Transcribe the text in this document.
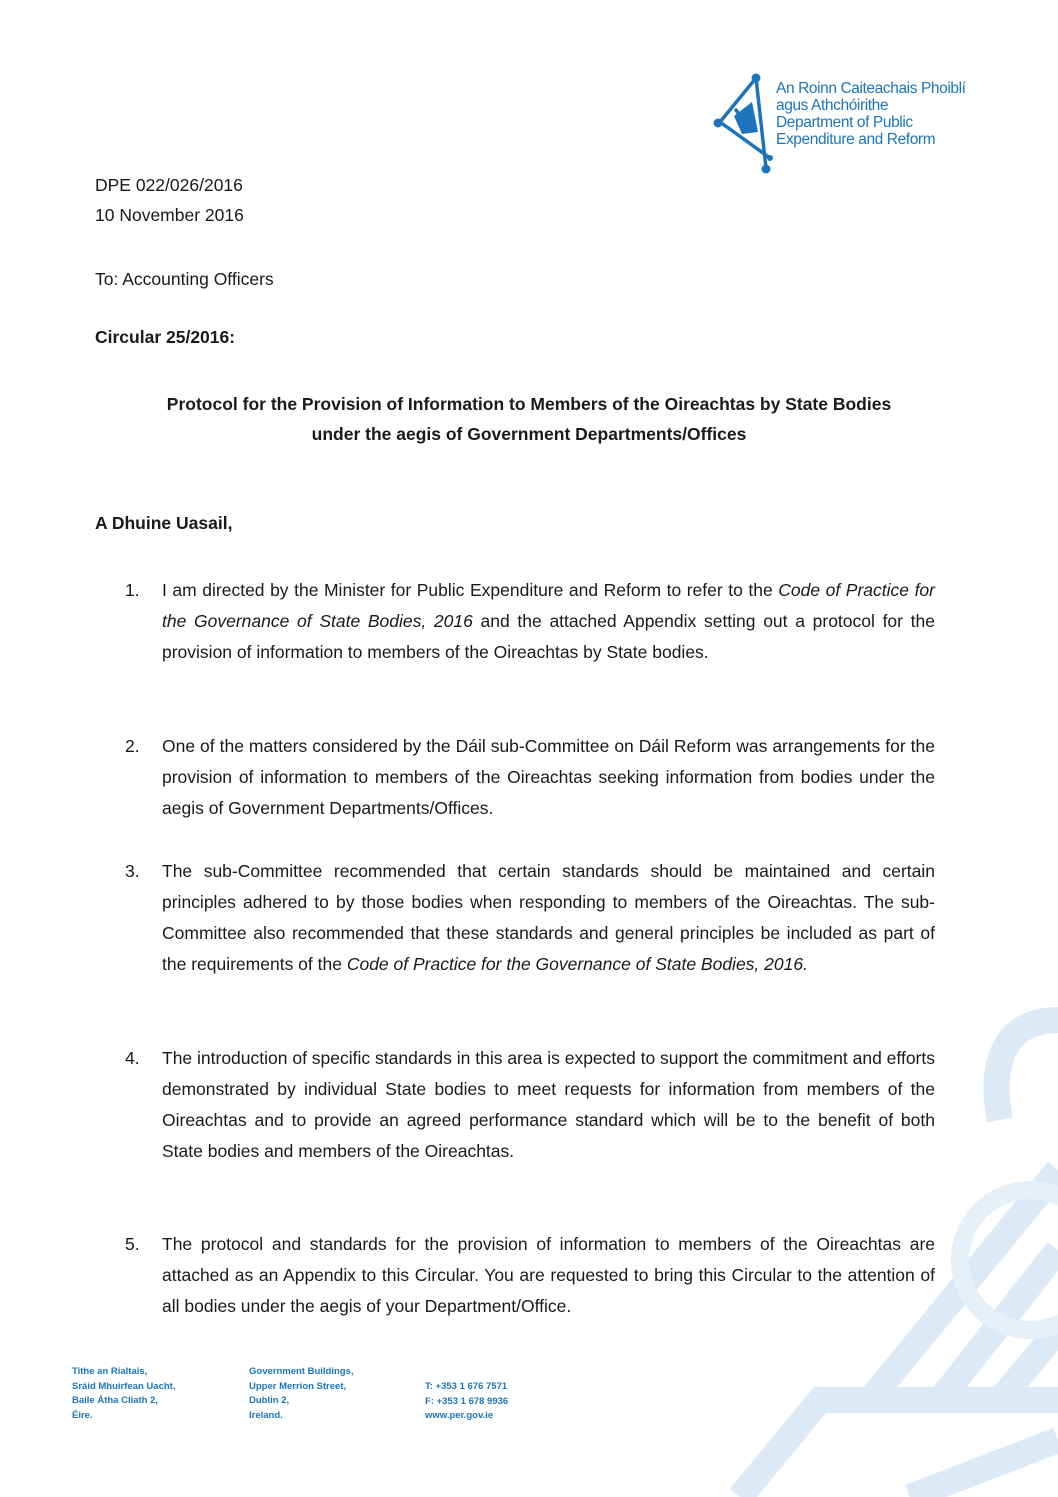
An Roinn Caiteachais Phoiblí
agus Athchóirithe
Department of Public
Expenditure and Reform
DPE 022/026/2016
10 November 2016
To: Accounting Officers
Circular 25/2016:
Protocol for the Provision of Information to Members of the Oireachtas by State Bodies
under the aegis of Government Departments/Offices
A Dhuine Uasail,
1. I am directed by the Minister for Public Expenditure and Reform to refer to the Code of Practice for the Governance of State Bodies, 2016 and the attached Appendix setting out a protocol for the provision of information to members of the Oireachtas by State bodies.
2. One of the matters considered by the Dáil sub-Committee on Dáil Reform was arrangements for the provision of information to members of the Oireachtas seeking information from bodies under the aegis of Government Departments/Offices.
3. The sub-Committee recommended that certain standards should be maintained and certain principles adhered to by those bodies when responding to members of the Oireachtas. The sub-Committee also recommended that these standards and general principles be included as part of the requirements of the Code of Practice for the Governance of State Bodies, 2016.
4. The introduction of specific standards in this area is expected to support the commitment and efforts demonstrated by individual State bodies to meet requests for information from members of the Oireachtas and to provide an agreed performance standard which will be to the benefit of both State bodies and members of the Oireachtas.
5. The protocol and standards for the provision of information to members of the Oireachtas are attached as an Appendix to this Circular. You are requested to bring this Circular to the attention of all bodies under the aegis of your Department/Office.
Tithe an Rialtais,
Sráid Mhuirfean Uacht,
Baile Átha Cliath 2,
Éire.
Government Buildings,
Upper Merrion Street,
Dublin 2,
Ireland.
T: +353 1 676 7571
F: +353 1 678 9936
www.per.gov.ie
